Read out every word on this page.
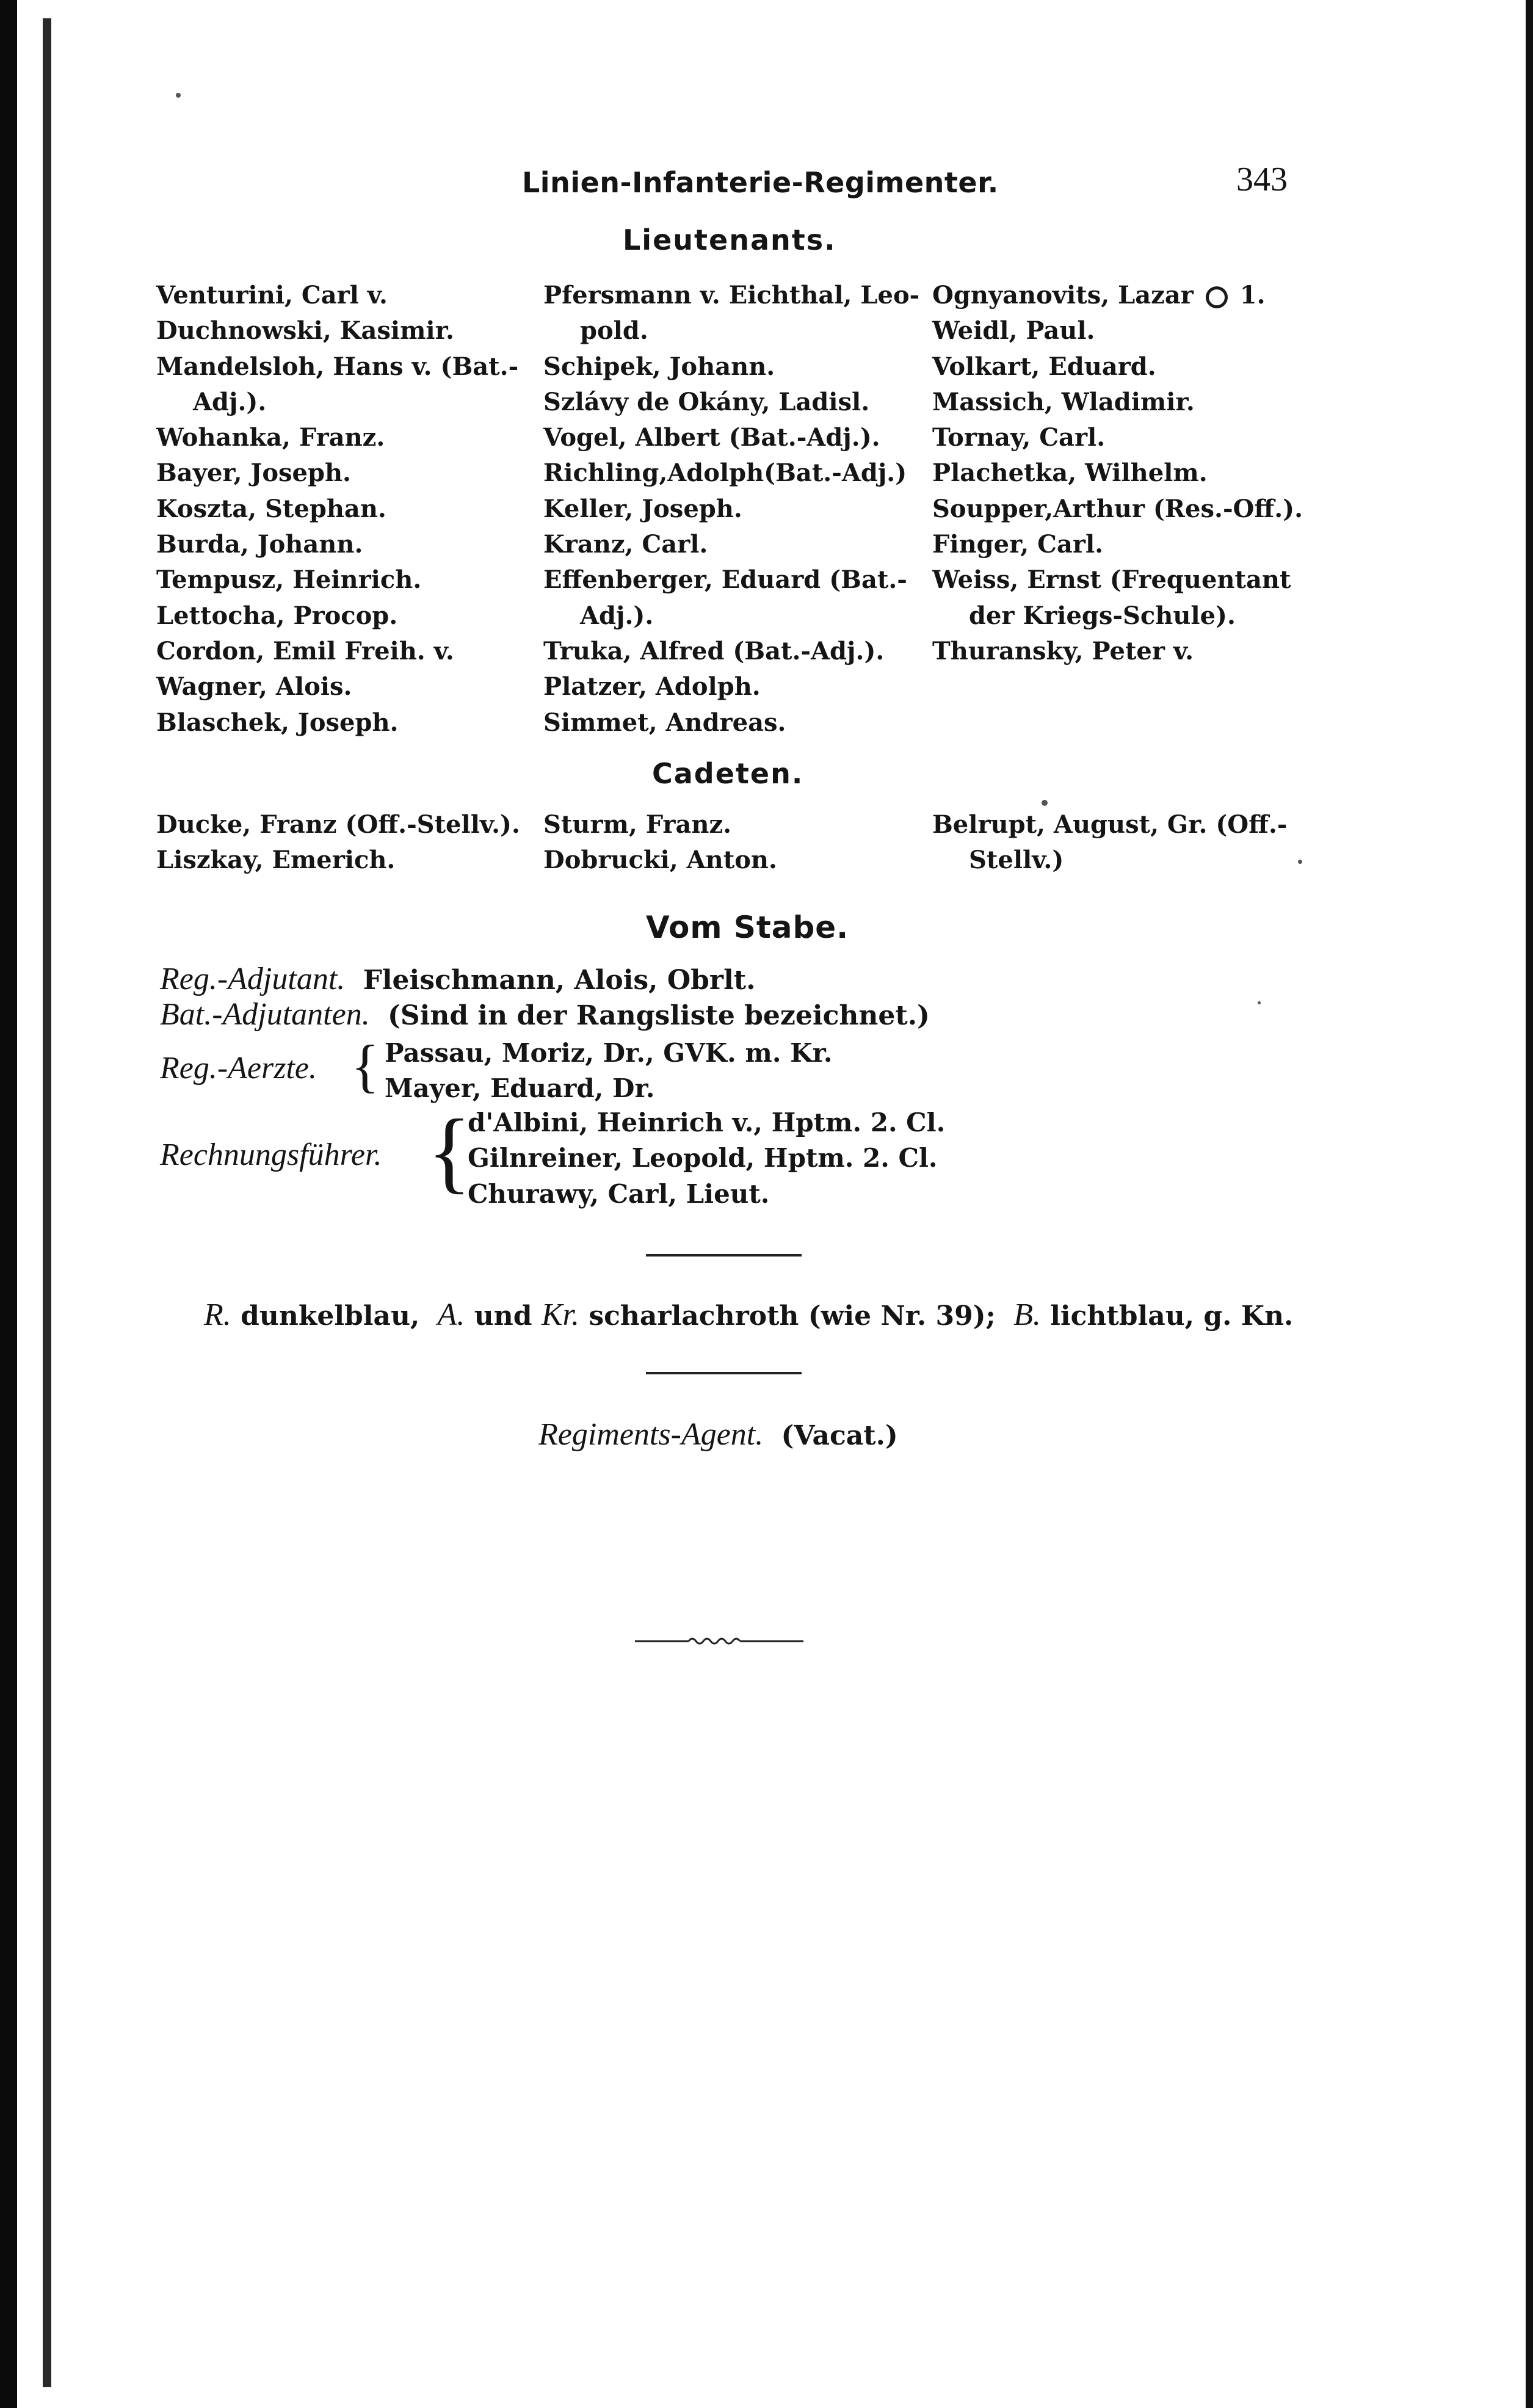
Linien-Infanterie-Regimenter.	343
Lieutenants.
Venturini, Carl v.
Duchnowski, Kasimir.
Mandelsloh, Hans v. (Bat.-
Adj.).
Wohanka, Franz.
Bayer, Joseph.
Koszta, Stephan.
Burda, Johann.
Tempusz, Heinrich.
Lettocha, Procop.
Cordon, Emil Freih. v.
Wagner, Alois.
Blaschek, Joseph.
Pfersmann v. Eichthal, Leo-
pold.
Schipek, Johann.
Szlávy de Okány, Ladisl.
Vogel, Albert (Bat.-Adj.).
Richling,Adolph(Bat.-Adj.)
Keller, Joseph.
Kranz, Carl.
Effenberger, Eduard (Bat.-
Adj.).
Truka, Alfred (Bat.-Adj.).
Platzer, Adolph.
Simmet, Andreas.
Ognyanovits, Lazar 1.
Weidl, Paul.
Volkart, Eduard.
Massich, Wladimir.
Tornay, Carl.
Plachetka, Wilhelm.
Soupper,Arthur (Res.-Off.).
Finger, Carl.
Weiss, Ernst (Frequentant
der Kriegs-Schule).
Thuransky, Peter v.
Cadeten.
Ducke, Franz (Off.-Stellv.).
Liszkay, Emerich.
Sturm, Franz.
Dobrucki, Anton.
Belrupt, August, Gr. (Off.-
Stellv.)
Vom Stabe.
Reg.-Adjutant. Fleischmann, Alois, Obrlt.
Bat.-Adjutanten. (Sind in der Rangsliste bezeichnet.)
Reg.-Aerzte. { Passau, Moriz, Dr., GVK. m. Kr.
Mayer, Eduard, Dr.
Rechnungsführer. {
d'Albini, Heinrich v., Hptm. 2. Cl.
Gilnreiner, Leopold, Hptm. 2. Cl.
Churawy, Carl, Lieut.
R. dunkelblau, A. und Kr. scharlachroth (wie Nr. 39); B. lichtblau, g. Kn.
Regiments-Agent. (Vacat.)
